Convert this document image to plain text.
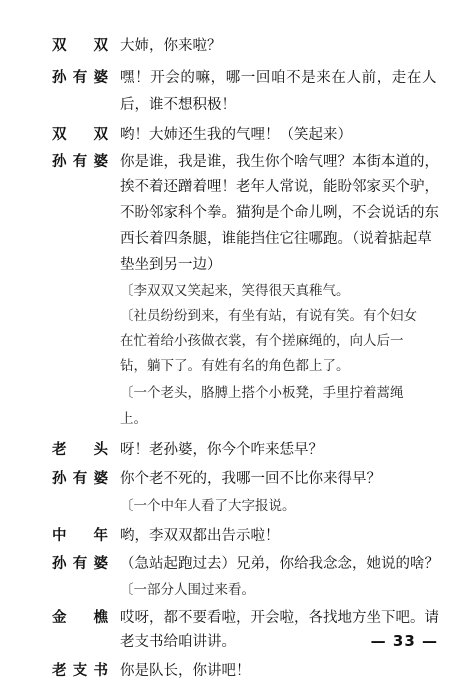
双 双 大姉，你来啦？
孙有婆 嘿！开会的嘛，哪一回咱不是来在人前，走在人
后，谁不想积极！
双 双 哟！大姉还生我的气哩！（笑起来）
孙有婆 你是谁，我是谁，我生你个啥气哩？本街本道的，
挨不着还蹭着哩！老年人常说，能盼邻家买个驴，
不盼邻家科个拳。猫狗是个命儿咧，不会说话的东
西长着四条腿，谁能挡住它往哪跑。（说着掂起草
垫坐到另一边）
〔李双双又笑起来，笑得很天真稚气。
〔社员纷纷到来，有坐有站，有说有笑。有个妇女
在忙着给小孩做衣裳，有个搓麻绳的，向人后一
钻，躺下了。有姓有名的角色都上了。
〔一个老头，胳膊上搭个小板凳，手里拧着蒿绳
上。
老 头 呀！老孙婆，你今个咋来恁早？
孙有婆 你个老不死的，我哪一回不比你来得早？
〔一个中年人看了大字报说。
中 年 哟，李双双都出告示啦！
孙有婆 （急站起跑过去）兄弟，你给我念念，她说的啥？
〔一部分人围过来看。
金 樵 哎呀，都不要看啦，开会啦，各找地方坐下吧。请
老支书给咱讲讲。
老支书 你是队长，你讲吧！
— 33 —
